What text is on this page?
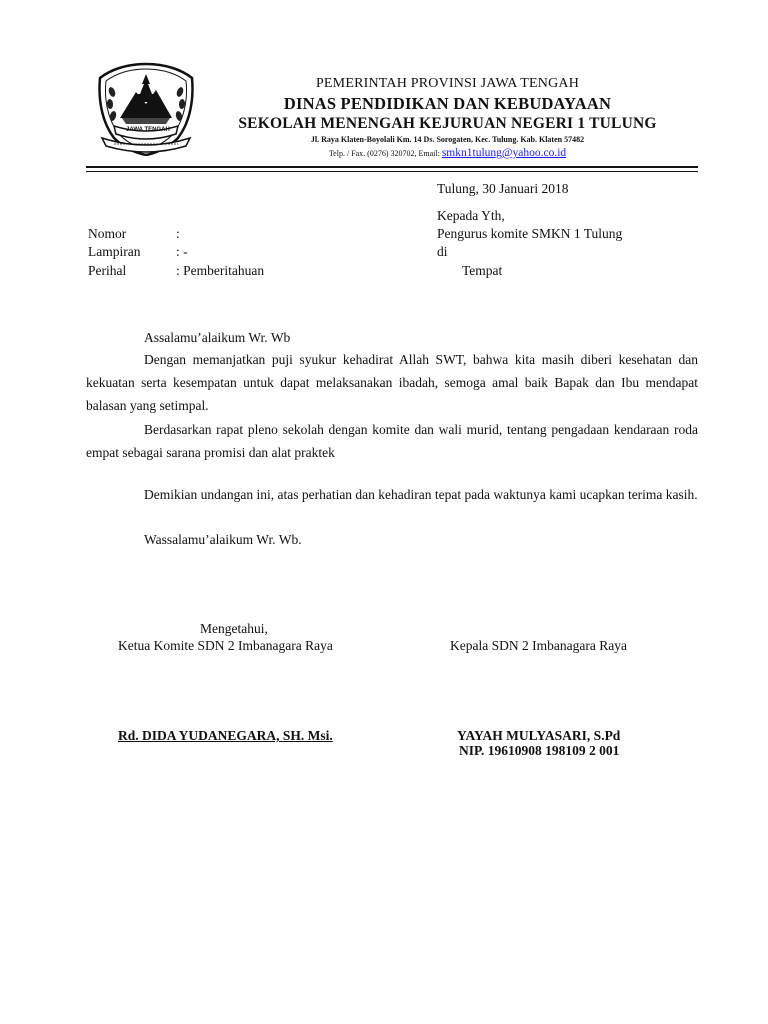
JAWA TENGAH
PEMERINTAH PROVINSI JAWA TENGAH
DINAS PENDIDIKAN DAN KEBUDAYAAN
SEKOLAH MENENGAH KEJURUAN NEGERI 1 TULUNG
Jl. Raya Klaten-Boyolali Km. 14 Ds. Sorogaten, Kec. Tulung. Kab. Klaten 57482
Telp. / Fax. (0276) 320702, Email: smkn1tulung@yahoo.co.id
Tulung, 30 Januari 2018
Kepada Yth,
Pengurus komite SMKN 1 Tulung
di
Tempat
Nomor	:
Lampiran	: -
Perihal	: Pemberitahuan
Assalamu’alaikum Wr. Wb
Dengan memanjatkan puji syukur kehadirat Allah SWT, bahwa kita masih diberi kesehatan dan kekuatan serta kesempatan untuk dapat melaksanakan ibadah, semoga amal baik Bapak dan Ibu mendapat balasan yang setimpal.
Berdasarkan rapat pleno sekolah dengan komite dan wali murid, tentang pengadaan kendaraan roda empat sebagai sarana promisi dan alat praktek
Demikian undangan ini, atas perhatian dan kehadiran tepat pada waktunya kami ucapkan terima kasih.
Wassalamu’alaikum Wr. Wb.
Mengetahui,
Ketua Komite SDN 2 Imbanagara Raya	Kepala SDN 2 Imbanagara Raya
Rd. DIDA YUDANEGARA, SH. Msi.	YAYAH MULYASARI, S.Pd
NIP. 19610908 198109 2 001
